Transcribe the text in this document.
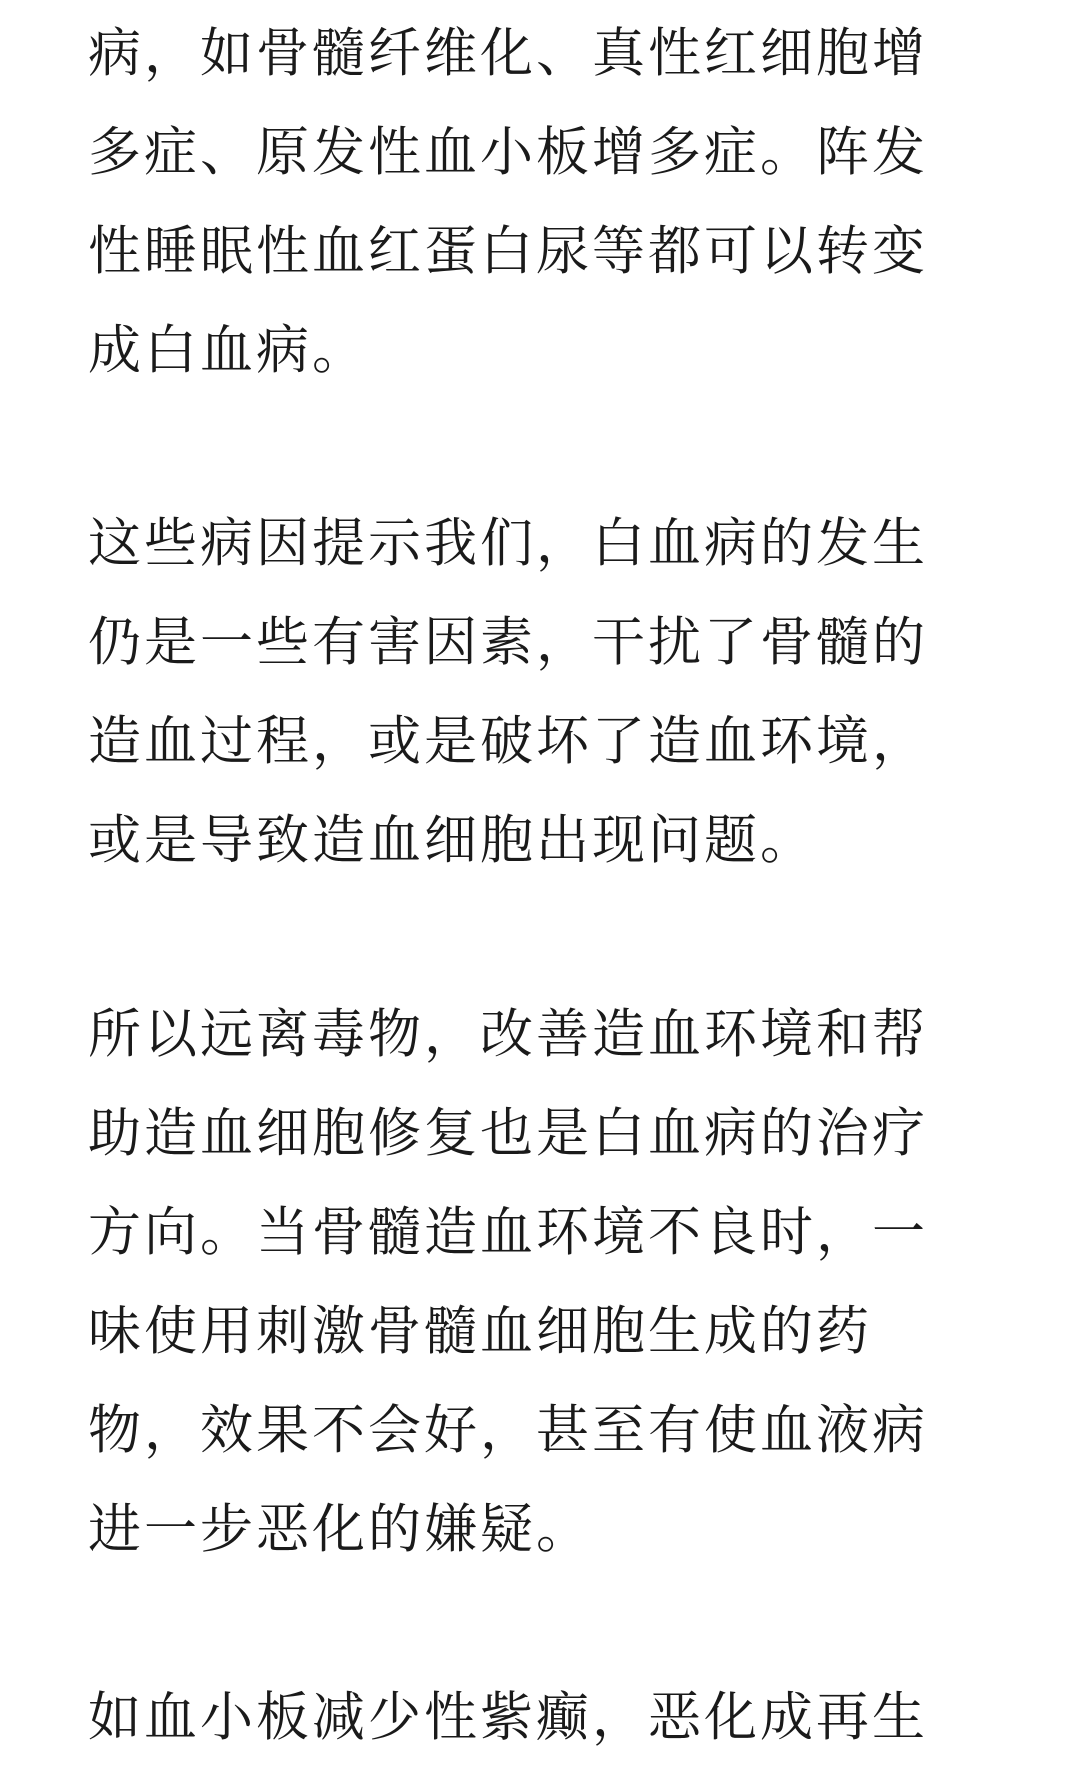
病，如骨髓纤维化、真性红细胞增
多症、原发性血小板增多症。阵发
性睡眠性血红蛋白尿等都可以转变
成白血病。
这些病因提示我们，白血病的发生
仍是一些有害因素，干扰了骨髓的
造血过程，或是破坏了造血环境，
或是导致造血细胞出现问题。
所以远离毒物，改善造血环境和帮
助造血细胞修复也是白血病的治疗
方向。当骨髓造血环境不良时，一
味使用刺激骨髓血细胞生成的药
物，效果不会好，甚至有使血液病
进一步恶化的嫌疑。
如血小板减少性紫癫，恶化成再生
